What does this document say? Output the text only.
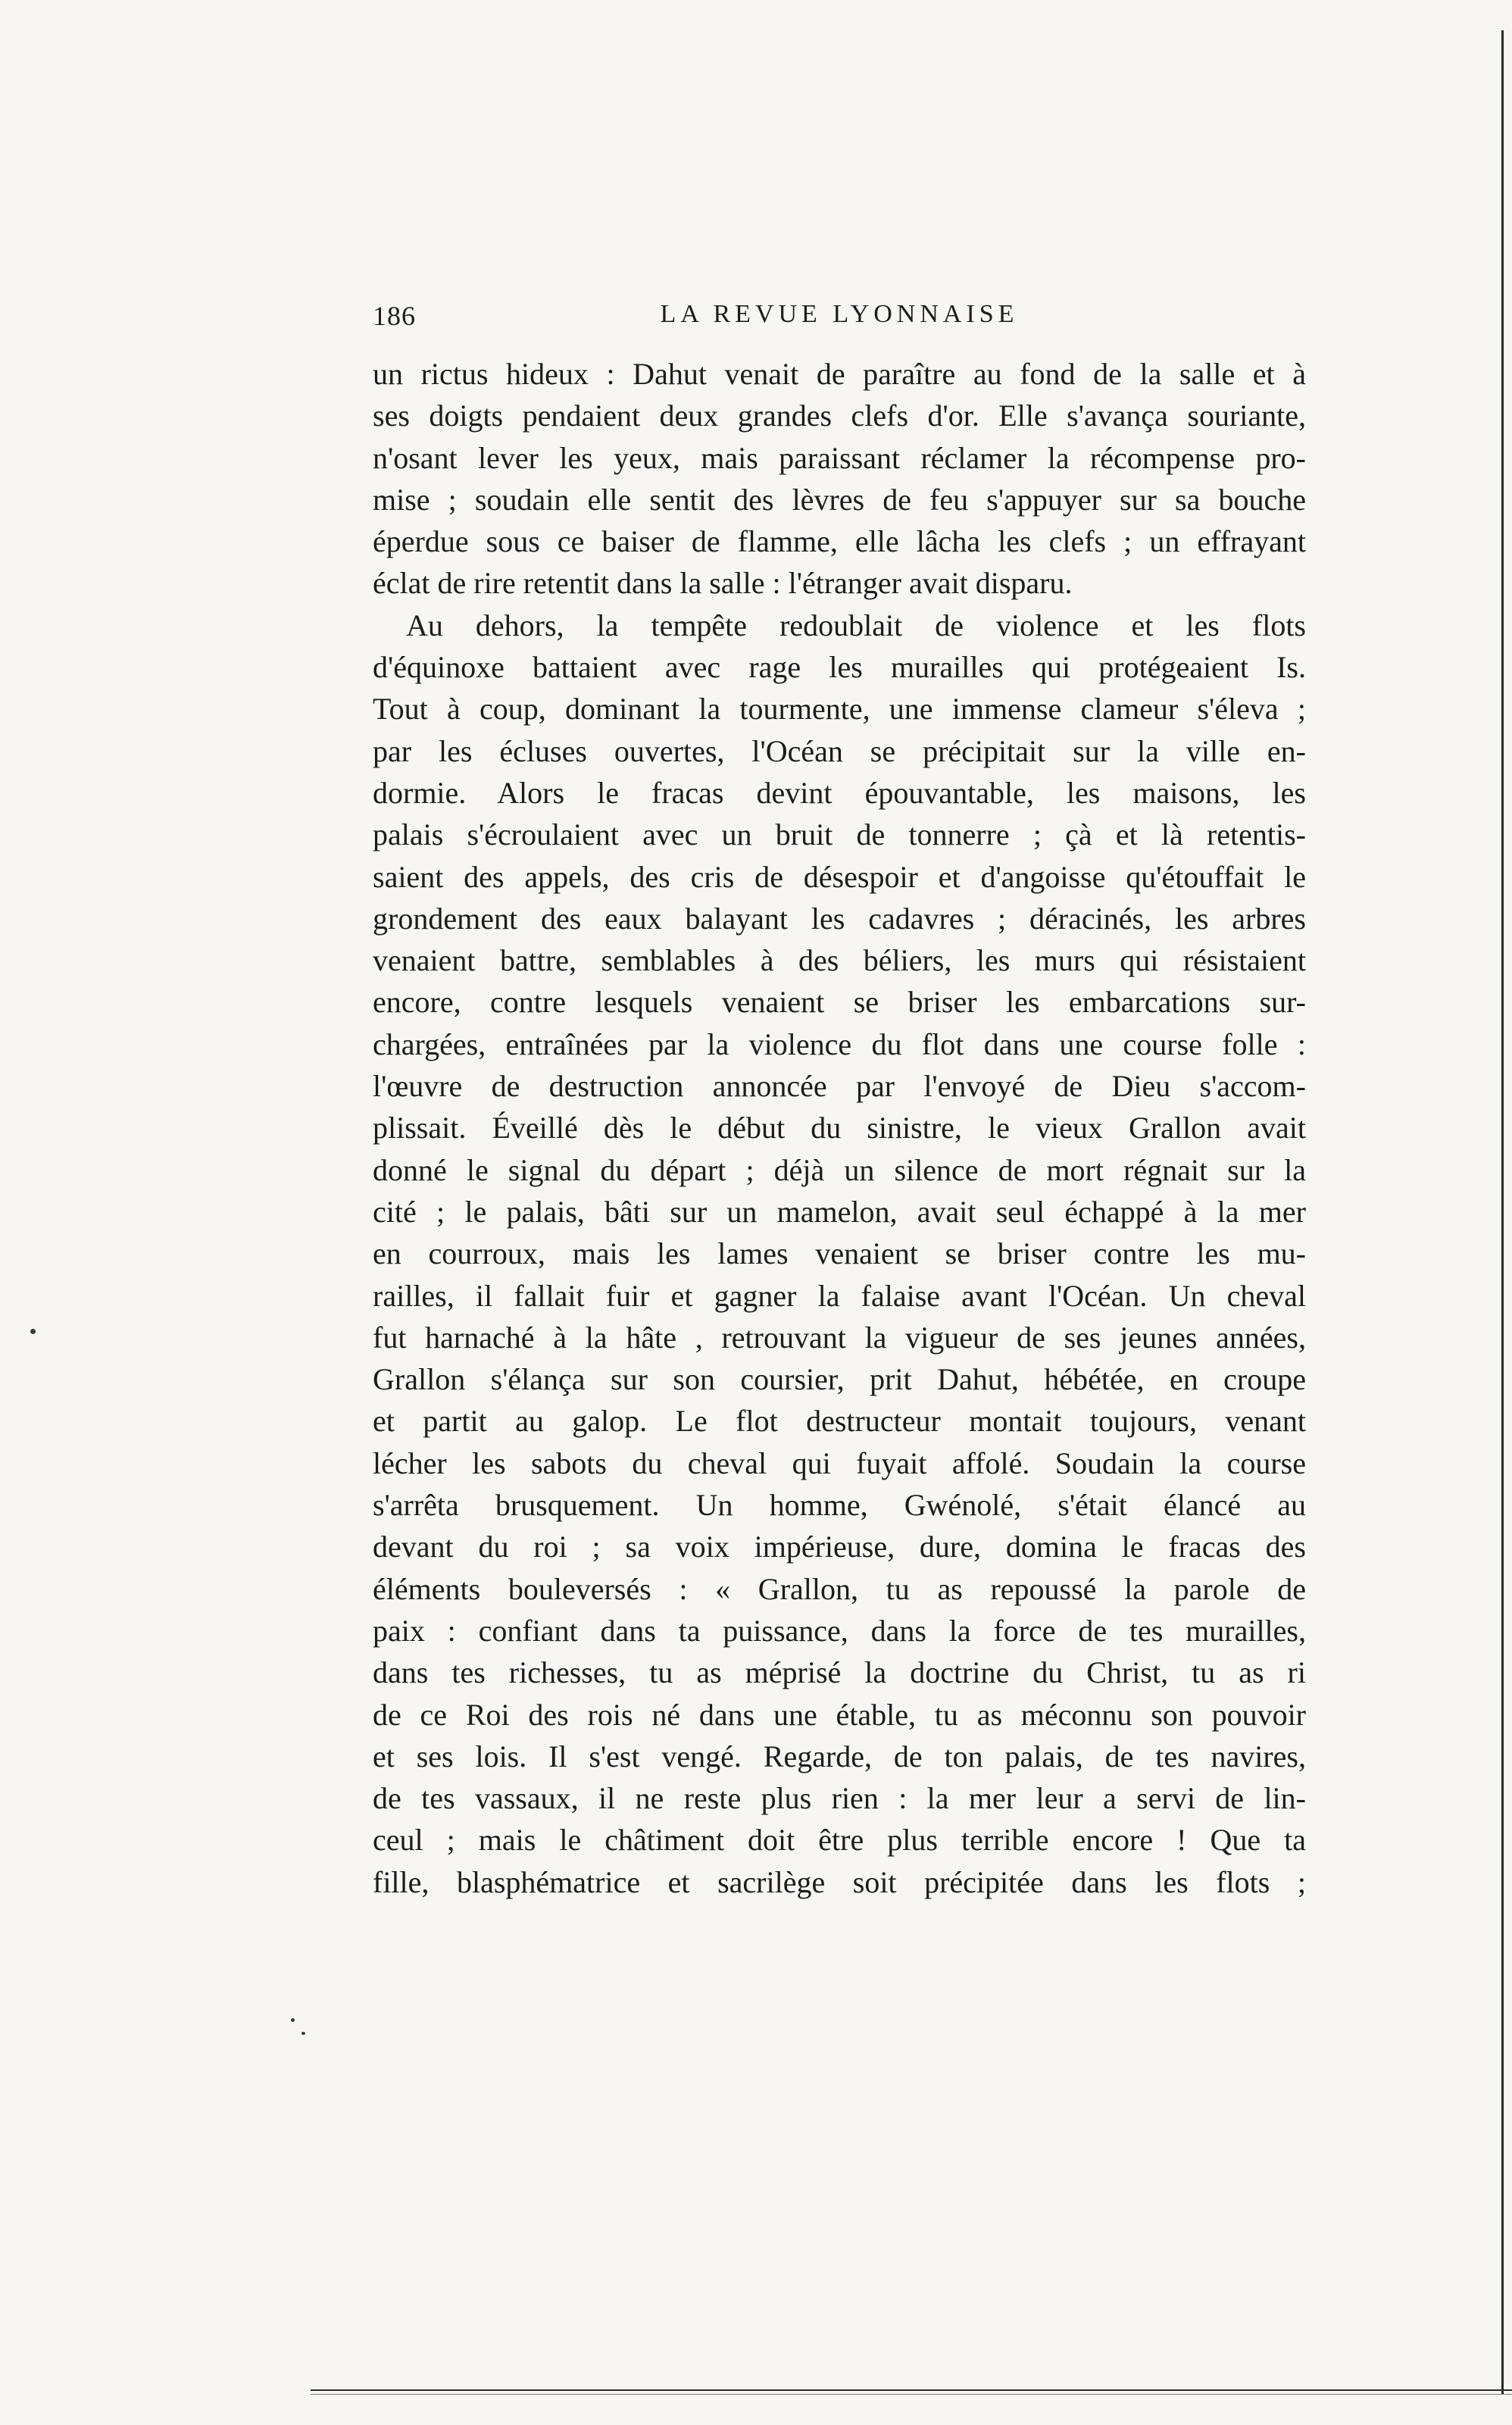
186	LA REVUE LYONNAISE
un rictus hideux : Dahut venait de paraître au fond de la salle et à
ses doigts pendaient deux grandes clefs d'or. Elle s'avança souriante,
n'osant lever les yeux, mais paraissant réclamer la récompense pro-
mise ; soudain elle sentit des lèvres de feu s'appuyer sur sa bouche
éperdue sous ce baiser de flamme, elle lâcha les clefs ; un effrayant
éclat de rire retentit dans la salle : l'étranger avait disparu.
Au dehors, la tempête redoublait de violence et les flots
d'équinoxe battaient avec rage les murailles qui protégeaient Is.
Tout à coup, dominant la tourmente, une immense clameur s'éleva ;
par les écluses ouvertes, l'Océan se précipitait sur la ville en-
dormie. Alors le fracas devint épouvantable, les maisons, les
palais s'écroulaient avec un bruit de tonnerre ; çà et là retentis-
saient des appels, des cris de désespoir et d'angoisse qu'étouffait le
grondement des eaux balayant les cadavres ; déracinés, les arbres
venaient battre, semblables à des béliers, les murs qui résistaient
encore, contre lesquels venaient se briser les embarcations sur-
chargées, entraînées par la violence du flot dans une course folle :
l'œuvre de destruction annoncée par l'envoyé de Dieu s'accom-
plissait. Éveillé dès le début du sinistre, le vieux Grallon avait
donné le signal du départ ; déjà un silence de mort régnait sur la
cité ; le palais, bâti sur un mamelon, avait seul échappé à la mer
en courroux, mais les lames venaient se briser contre les mu-
railles, il fallait fuir et gagner la falaise avant l'Océan. Un cheval
fut harnaché à la hâte , retrouvant la vigueur de ses jeunes années,
Grallon s'élança sur son coursier, prit Dahut, hébétée, en croupe
et partit au galop. Le flot destructeur montait toujours, venant
lécher les sabots du cheval qui fuyait affolé. Soudain la course
s'arrêta brusquement. Un homme, Gwénolé, s'était élancé au
devant du roi ; sa voix impérieuse, dure, domina le fracas des
éléments bouleversés : « Grallon, tu as repoussé la parole de
paix : confiant dans ta puissance, dans la force de tes murailles,
dans tes richesses, tu as méprisé la doctrine du Christ, tu as ri
de ce Roi des rois né dans une étable, tu as méconnu son pouvoir
et ses lois. Il s'est vengé. Regarde, de ton palais, de tes navires,
de tes vassaux, il ne reste plus rien : la mer leur a servi de lin-
ceul ; mais le châtiment doit être plus terrible encore ! Que ta
fille, blasphématrice et sacrilège soit précipitée dans les flots ;
